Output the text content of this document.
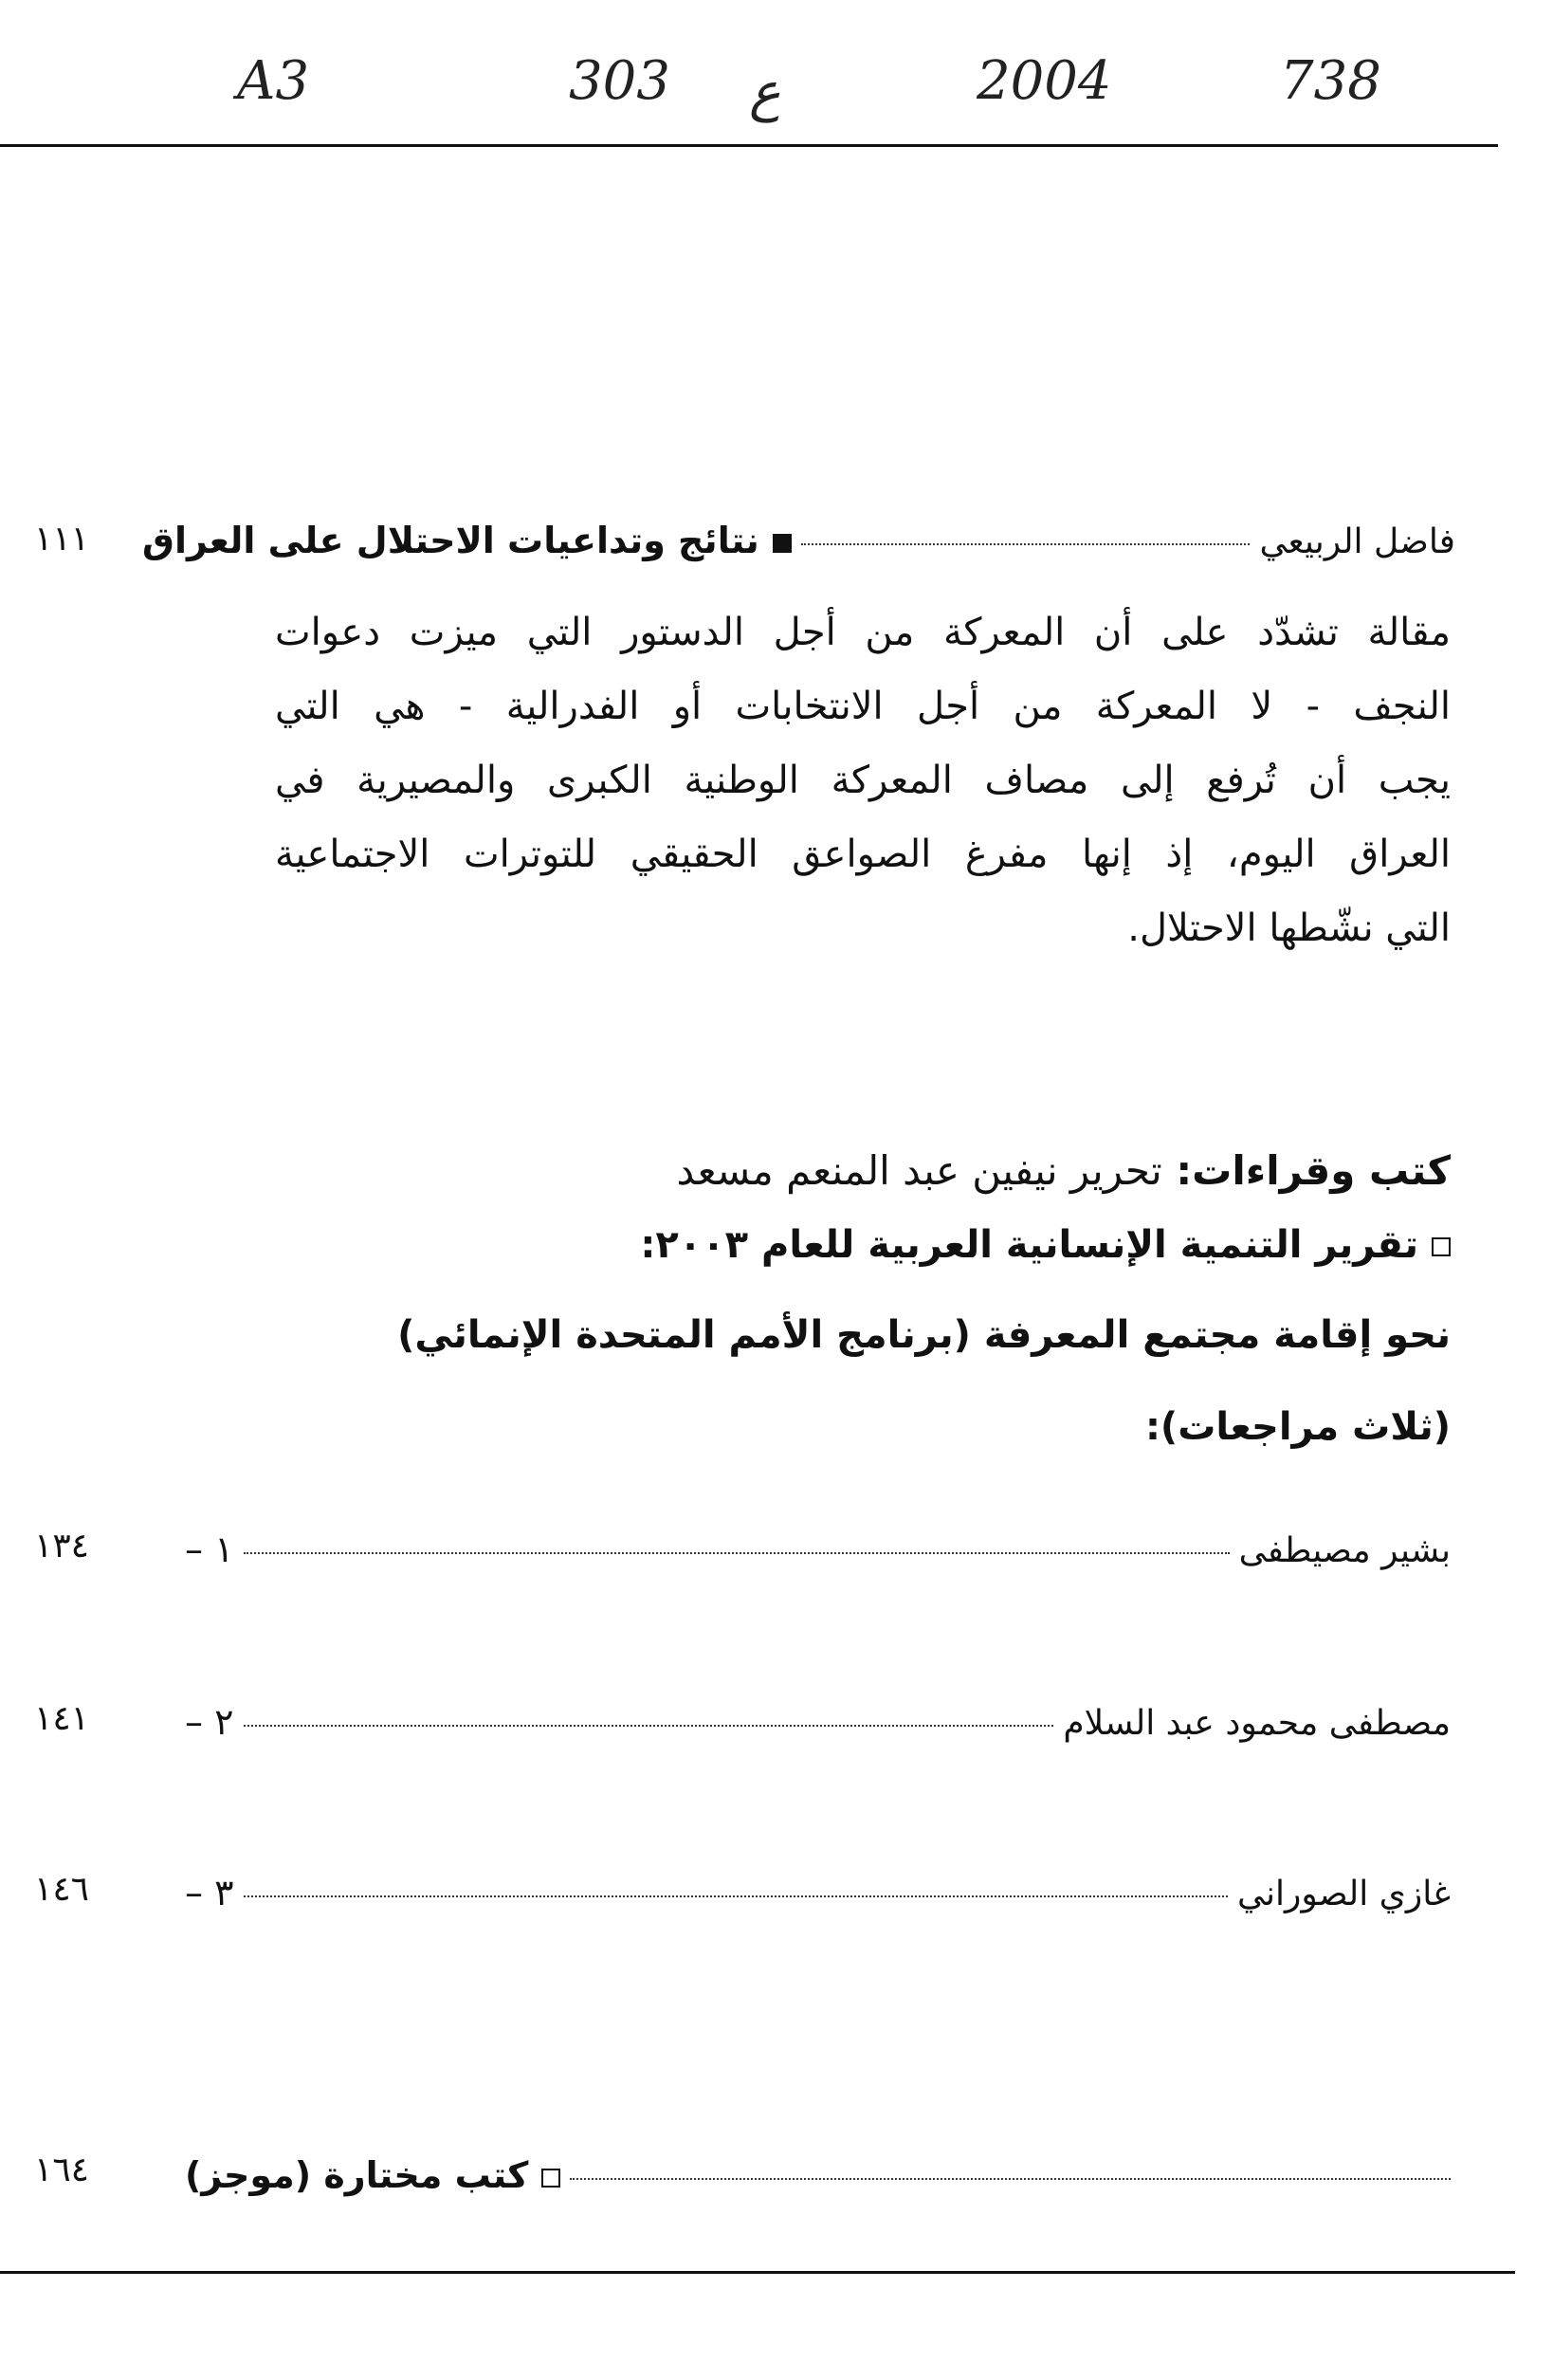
A3	303 ع	2004	738
١١١ نتائج وتداعيات الاحتلال على العراق	فاضل الربيعي
مقالة تشدّد على أن المعركة من أجل الدستور التي ميزت دعوات
النجف - لا المعركة من أجل الانتخابات أو الفدرالية - هي التي
يجب أن تُرفع إلى مصاف المعركة الوطنية الكبرى والمصيرية في
العراق اليوم، إذ إنها مفرغ الصواعق الحقيقي للتوترات الاجتماعية
التي نشّطها الاحتلال.
كتب وقراءات: تحرير نيفين عبد المنعم مسعد
تقرير التنمية الإنسانية العربية للعام ٢٠٠٣:
نحو إقامة مجتمع المعرفة (برنامج الأمم المتحدة الإنمائي)
(ثلاث مراجعات):
١٣٤	١ –	بشير مصيطفى
١٤١	٢ –	مصطفى محمود عبد السلام
١٤٦	٣ –	غازي الصوراني
١٦٤	كتب مختارة (موجز)
